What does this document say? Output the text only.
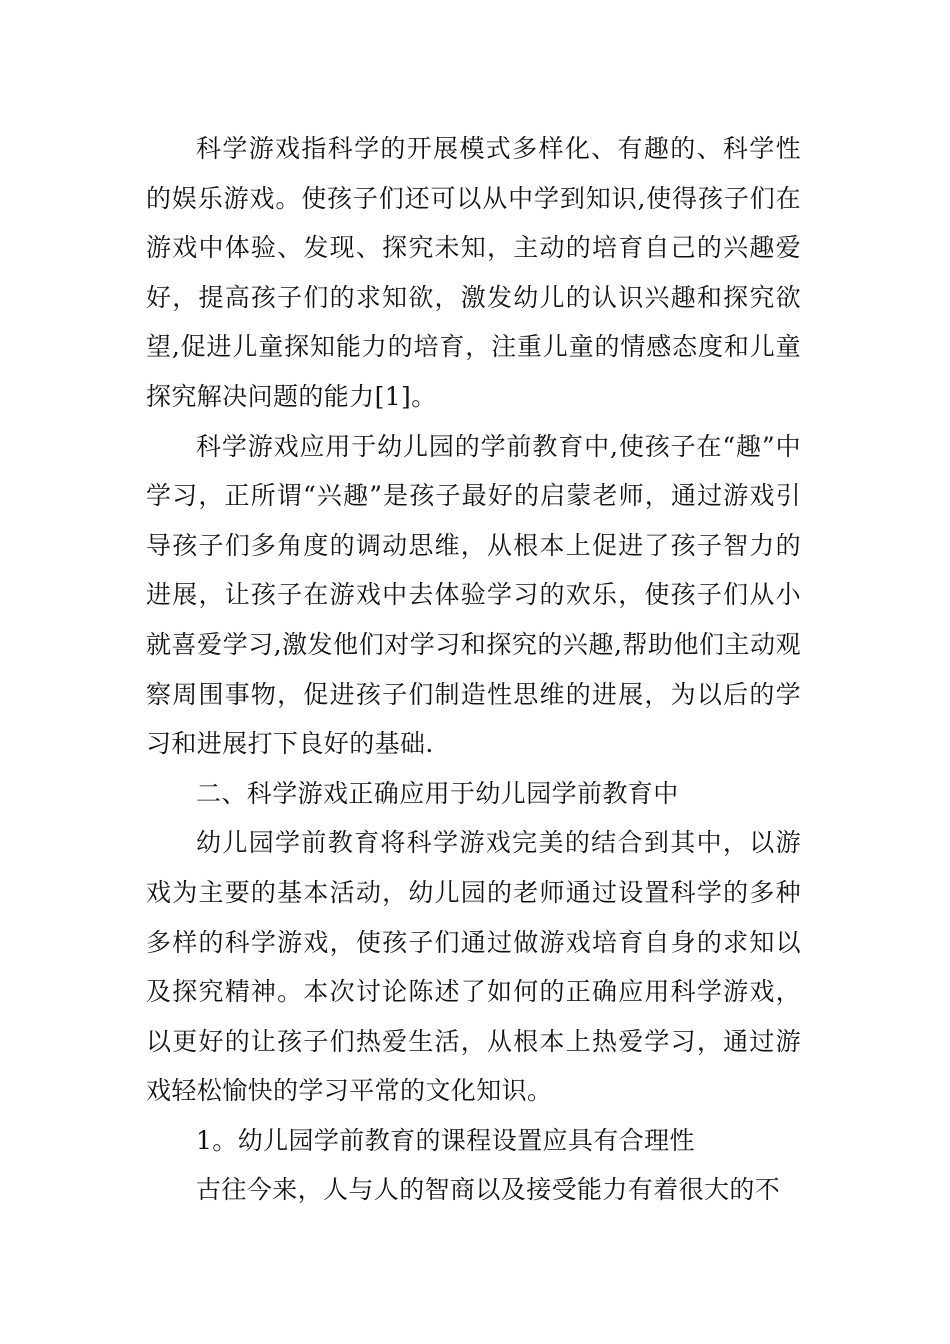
科学游戏指科学的开展模式多样化、有趣的、科学性的娱乐游戏。使孩子们还可以从中学到知识,使得孩子们在游戏中体验、发现、探究未知，主动的培育自己的兴趣爱好，提高孩子们的求知欲，激发幼儿的认识兴趣和探究欲望,促进儿童探知能力的培育，注重儿童的情感态度和儿童探究解决问题的能力[1]。

科学游戏应用于幼儿园的学前教育中,使孩子在“趣”中学习，正所谓“兴趣”是孩子最好的启蒙老师，通过游戏引导孩子们多角度的调动思维，从根本上促进了孩子智力的进展，让孩子在游戏中去体验学习的欢乐，使孩子们从小就喜爱学习,激发他们对学习和探究的兴趣,帮助他们主动观察周围事物，促进孩子们制造性思维的进展，为以后的学习和进展打下良好的基础.

二、科学游戏正确应用于幼儿园学前教育中

幼儿园学前教育将科学游戏完美的结合到其中，以游戏为主要的基本活动，幼儿园的老师通过设置科学的多种多样的科学游戏，使孩子们通过做游戏培育自身的求知以及探究精神。本次讨论陈述了如何的正确应用科学游戏，以更好的让孩子们热爱生活，从根本上热爱学习，通过游戏轻松愉快的学习平常的文化知识。

1。幼儿园学前教育的课程设置应具有合理性

古往今来，人与人的智商以及接受能力有着很大的不
